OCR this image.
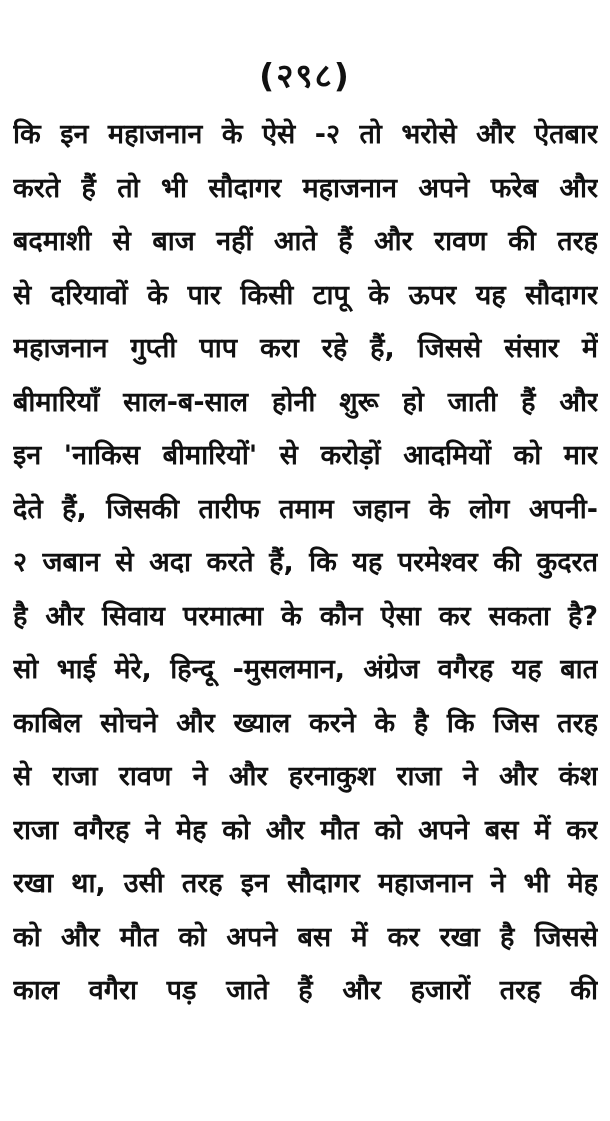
(२९८)
कि इन महाजनान के ऐसे -२ तो भरोसे और ऐतबार
करते हैं तो भी सौदागर महाजनान अपने फरेब और
बदमाशी से बाज नहीं आते हैं और रावण की तरह
से दरियावों के पार किसी टापू के ऊपर यह सौदागर
महाजनान गुप्ती पाप करा रहे हैं, जिससे संसार में
बीमारियाँ साल-ब-साल होनी शुरू हो जाती हैं और
इन 'नाकिस बीमारियों' से करोड़ों आदमियों को मार
देते हैं, जिसकी तारीफ तमाम जहान के लोग अपनी-
२ जबान से अदा करते हैं, कि यह परमेश्वर की कुदरत
है और सिवाय परमात्मा के कौन ऐसा कर सकता है?
सो भाई मेरे, हिन्दू -मुसलमान, अंग्रेज वगैरह यह बात
काबिल सोचने और ख्याल करने के है कि जिस तरह
से राजा रावण ने और हरनाकुश राजा ने और कंश
राजा वगैरह ने मेह को और मौत को अपने बस में कर
रखा था, उसी तरह इन सौदागर महाजनान ने भी मेह
को और मौत को अपने बस में कर रखा है जिससे
काल वगैरा पड़ जाते हैं और हजारों तरह की
